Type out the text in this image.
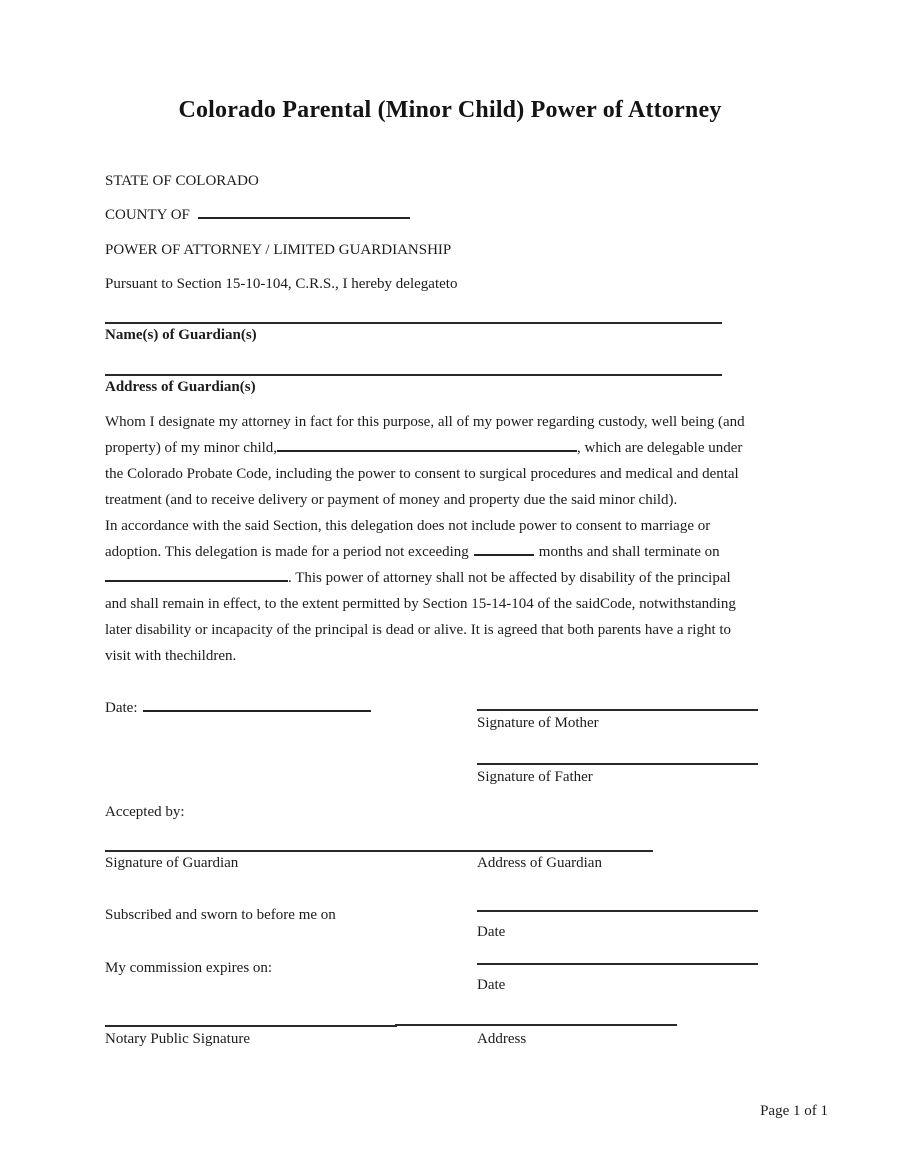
Colorado Parental (Minor Child) Power of Attorney
STATE OF COLORADO
COUNTY OF
POWER OF ATTORNEY / LIMITED GUARDIANSHIP
Pursuant to Section 15-10-104, C.R.S., I hereby delegateto
Name(s) of Guardian(s)
Address of Guardian(s)
Whom I designate my attorney in fact for this purpose, all of my power regarding custody, well being (and
property) of my minor child,	, which are delegable under
the Colorado Probate Code, including the power to consent to surgical procedures and medical and dental
treatment (and to receive delivery or payment of money and property due the said minor child).
In accordance with the said Section, this delegation does not include power to consent to marriage or
adoption. This delegation is made for a period not exceeding	months and shall terminate on
. This power of attorney shall not be affected by disability of the principal
and shall remain in effect, to the extent permitted by Section 15-14-104 of the saidCode, notwithstanding
later disability or incapacity of the principal is dead or alive. It is agreed that both parents have a right to
visit with thechildren.
Date:
Signature of Mother
Signature of Father
Accepted by:
Signature of Guardian	Address of Guardian
Subscribed and sworn to before me on
Date
My commission expires on:
Date
Notary Public Signature	Address
Page 1 of 1
